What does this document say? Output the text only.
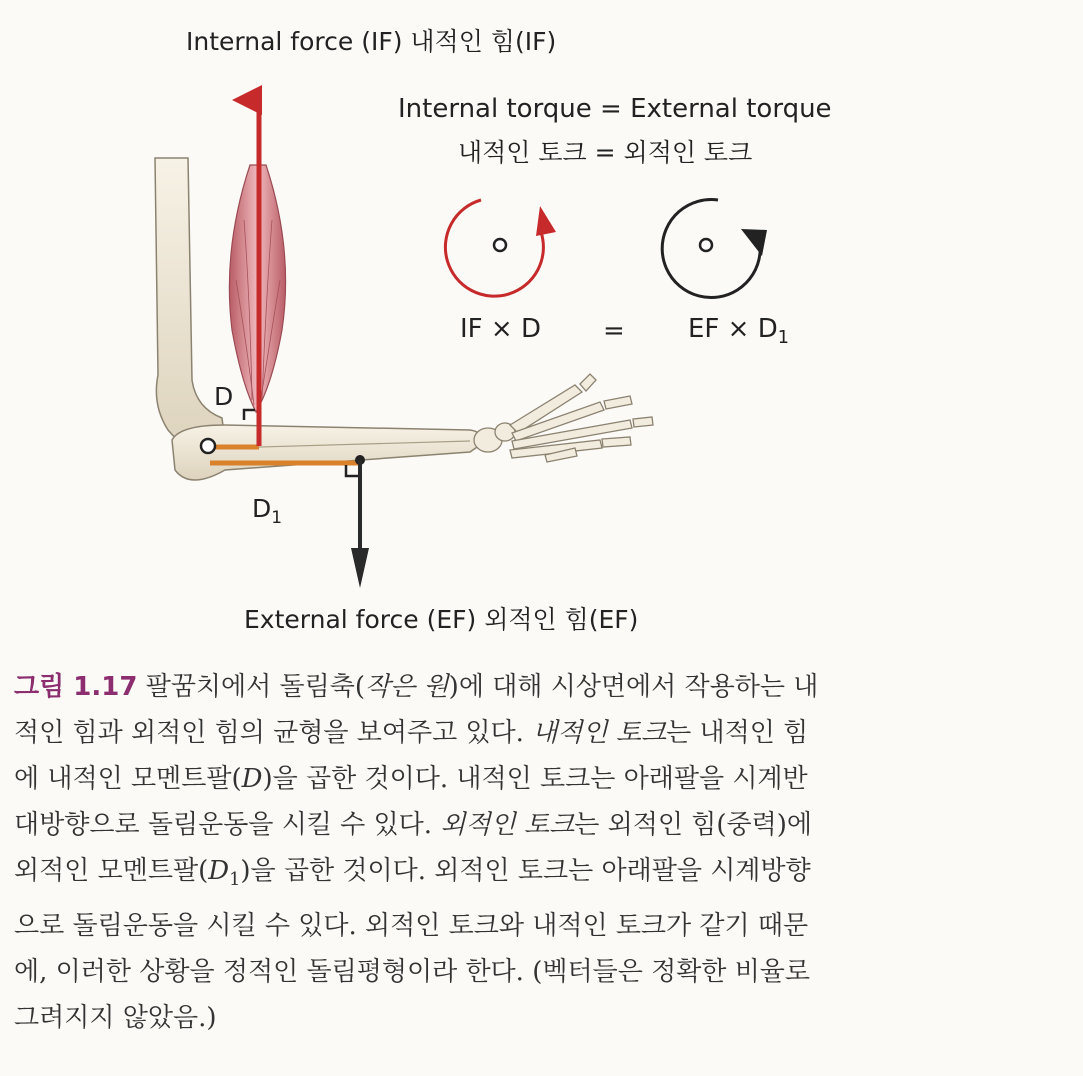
Internal force (IF) 내적인 힘(IF)
Internal torque = External torque
내적인 토크 = 외적인 토크
IF × D = EF × $D_1$
D
$D_1$
External force (EF) 외적인 힘(EF)
그림 1.17 팔꿈치에서 돌림축(작은 원)에 대해 시상면에서 작용하는 내
적인 힘과 외적인 힘의 균형을 보여주고 있다. 내적인 토크는 내적인 힘
에 내적인 모멘트팔(D)을 곱한 것이다. 내적인 토크는 아래팔을 시계반
대방향으로 돌림운동을 시킬 수 있다. 외적인 토크는 외적인 힘(중력)에
외적인 모멘트팔$(D_1)$을 곱한 것이다. 외적인 토크는 아래팔을 시계방향
으로 돌림운동을 시킬 수 있다. 외적인 토크와 내적인 토크가 같기 때문
에, 이러한 상황을 정적인 돌림평형이라 한다. (벡터들은 정확한 비율로
그려지지 않았음.)
